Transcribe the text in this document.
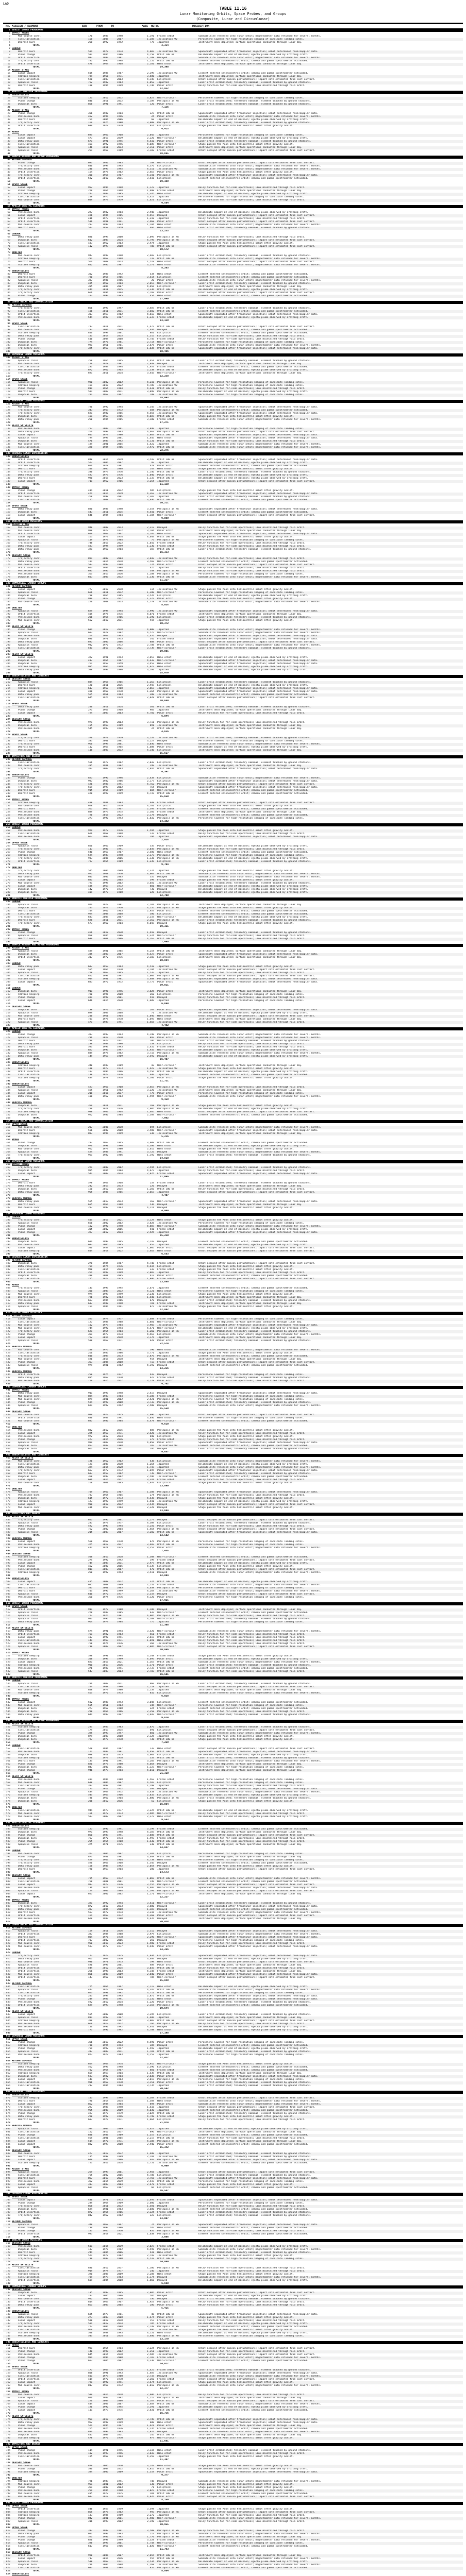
LAD
TABLE 11.16
Lunar Monitoring Orbits, Space Probes, and Groups
(Composite, Lunar and Circumlunar)
No. MISSION / ELEMENT	SER	FROM	TO	MASS	NOTES	DESCRIPTION
1 SOVIET LUNAR PROGRAMME
2 IMPACT PROBE
3	Mid-course corr.	170	1985	1990	1,191	Frozen orbit	Subsatellite released into lunar orbit; magnetometer data returned for several months.
4	Circularisation	168	2005	2007	1,385	Inclination 90	Periselene lowered for high-resolution imaging of candidate landing sites.
5	Deorbit burn	258	1992	1992	778	Impacted	Instrument deck deployed; surface operations conducted through lunar day.
6	TOTAL	3,354
7 LANDER
8	Deorbit burn	594	1970	1974	4,607	Inclination 90	Spacecraft separated after translunar injection; orbit determined from Doppler data.
9	Plane change	591	1985	1986	4,750	Orbit 100 km	Deliberate impact at end of mission; ejecta plume observed by orbiting craft.
10	Orbit insertion	932	1980	1981	1,708	Decayed	Subsatellite released into lunar orbit; magnetometer data returned for several months.
11	Trajectory corr.	782	1995	1998	1,152	Orbit 100 km	Element entered selenocentric orbit; camera and gamma spectrometer activated.
12	Orbit insertion	470	1964	1968	2,181	Halo orbit	Instrument deck deployed; surface operations conducted through lunar day.
13	TOTAL	14,398
14 ASCENT STAGE
15	Lunar impact	505	1985	1987	2,399	Inclination 90	Element entered selenocentric orbit; camera and gamma spectrometer activated.
16	Station keeping	789	1966	1971	3,586	Impacted	Instrument deck deployed; surface operations conducted through lunar day.
17	Circularisation	598	2003	2003	4,149	Elliptical	Orbit decayed after mascon perturbations; impact site estimated from last contact.
18	Apoapsis raise	762	1982	1983	1,052	Impacted	Lunar orbit established; telemetry nominal; element tracked by ground stations.
19	Deorbit burn	180	1994	1999	1,746	Polar orbit	Relay function for far-side operations; link maintained through halo orbit.
20	TOTAL	12,932
21 ROBOTIC ORBITER PROGRAMME
22 SUBSATELLITE
23	Station keeping	121	2012	2012	3,827	Near-circular	Periselene lowered for high-resolution imaging of candidate landing sites.
24	Plane change	846	2011	2012	3,189	Periapsis 14 km	Lunar orbit established; telemetry nominal; element tracked by ground stations.
25	Disposal burn	858	1991	1991	120	Polar orbit	Lunar orbit established; telemetry nominal; element tracked by ground stations.
26	TOTAL	7,136
27 ASCENT STAGE
28	Plane change	366	1980	1984	327	Orbit 100 km	Spacecraft separated after translunar injection; orbit determined from Doppler data.
29	Periselene burn	462	1996	1996	24	Polar orbit	Subsatellite released into lunar orbit; magnetometer data returned for several months.
30	Deorbit burn	764	2004	2006	60	Impacted	Deliberate impact at end of mission; ejecta plume observed by orbiting craft.
31	Trajectory corr.	169	1975	1980	3,088	Periapsis 14 km	Lunar orbit established; telemetry nominal; element tracked by ground stations.
32	Orbit insertion	639	1977	1979	914	Elliptical	Stage passed the Moon into heliocentric orbit after gravity assist.
33	TOTAL	4,413
34 ROVER
35	Lunar impact	695	1966	1968	2,043	Impacted	Periselene lowered for high-resolution imaging of candidate landing sites.
36	Lunar impact	473	2017	2019	2,220	Near-circular	Deliberate impact at end of mission; ejecta plume observed by orbiting craft.
37	Data relay pass	671	1991	1995	4,410	Polar orbit	Lunar orbit established; telemetry nominal; element tracked by ground stations.
38	Circularisation	451	1992	1996	4,689	Near-circular	Stage passed the Moon into heliocentric orbit after gravity assist.
39	Apoapsis raise	146	2011	2013	2,151	Polar orbit	Instrument deck deployed; surface operations conducted through lunar day.
40	Apoapsis raise	251	1968	1969	3,182	Frozen orbit	Orbit decayed after mascon perturbations; impact site estimated from last contact.
41	TOTAL	18,695
42 SAMPLE RETURN AND ROVER PROGRAMME
43 RETURN CAPSULE
44	Plane change	691	1982	1983	188	Near-circular	Orbit decayed after mascon perturbations; impact site estimated from last contact.
45	Trajectory corr.	846	1994	1995	4,376	Elliptical	Subsatellite released into lunar orbit; magnetometer data returned for several months.
46	Periselene burn	246	1993	1995	4,311	Inclination 90	Subsatellite released into lunar orbit; magnetometer data returned for several months.
47	Orbit insertion	154	1978	1982	2,467	Polar orbit	Stage passed the Moon into heliocentric orbit after gravity assist.
48	Trajectory corr.	300	1965	1967	4,341	Periapsis 14 km	Spacecraft separated after translunar injection; orbit determined from Doppler data.
49	Orbit insertion	582	2010	2011	3,516	Elliptical	Element entered selenocentric orbit; camera and gamma spectrometer activated.
50	TOTAL	19,199
51 SPENT STAGE
52	Lunar impact	952	1996	1998	1,123	Impacted	Relay function for far-side operations; link maintained through halo orbit.
53	Plane change	220	1964	1968	1,998	Frozen orbit	Instrument deck deployed; surface operations conducted through lunar day.
54	Station keeping	243	1980	1985	1,345	Halo orbit	Deliberate impact at end of mission; ejecta plume observed by orbiting craft.
55	Circularisation	218	1975	1979	3,417	Impacted	Periselene lowered for high-resolution imaging of candidate landing sites.
56	Mid-course corr.	609	1979	1979	1,621	Elliptical	Relay function for far-side operations; link maintained through halo orbit.
57	TOTAL	9,504
58 APOLLO ORBITAL ELEMENTS
59 IMPACT PROBE
60	Periselene burn	227	1982	1984	2,948	Impacted	Deliberate impact at end of mission; ejecta plume observed by orbiting craft.
61	Lunar impact	496	1985	1985	4,457	Decayed	Orbit decayed after mascon perturbations; impact site estimated from last contact.
62	Orbit insertion	416	1973	1975	1,210	Impacted	Relay function for far-side operations; link maintained through halo orbit.
63	Orbit insertion	516	1991	1991	2,968	Polar orbit	Orbit decayed after mascon perturbations; impact site estimated from last contact.
64	Mid-course corr.	293	1990	1993	1,184	Halo orbit	Subsatellite released into lunar orbit; magnetometer data returned for several months.
65	Deorbit burn	512	1959	1959	466	Halo orbit	Lunar orbit established; telemetry nominal; element tracked by ground stations.
66	TOTAL	13,233
67 LANDER
68	Data relay pass	886	1999	2000	2,095	Periapsis 14 km	Relay function for far-side operations; link maintained through halo orbit.
69	Disposal burn	612	2009	2014	4,795	Periapsis 14 km	Orbit decayed after mascon perturbations; impact site estimated from last contact.
70	Circularisation	433	1962	1963	2,974	Impacted	Stage passed the Moon into heliocentric orbit after gravity assist.
71	Apoapsis raise	112	1999	2000	708	Orbit 100 km	Orbit decayed after mascon perturbations; impact site estimated from last contact.
72	TOTAL	10,572
73 ORBITER
74	Mid-course corr.	947	1990	1990	2,403	Elliptical	Lunar orbit established; telemetry nominal; element tracked by ground stations.
75	Station keeping	201	1967	1968	710	Orbit 100 km	Subsatellite released into lunar orbit; magnetometer data returned for several months.
76	Deorbit burn	564	2008	2013	1,519	Halo orbit	Orbit decayed after mascon perturbations; impact site estimated from last contact.
77	Station keeping	802	1986	1987	3,571	Halo orbit	Subsatellite released into lunar orbit; magnetometer data returned for several months.
78	TOTAL	8,203
79 SUBSATELLITE
80	Deorbit burn	302	1988	1992	534	Halo orbit	Element entered selenocentric orbit; camera and gamma spectrometer activated.
81	Deorbit burn	780	1965	1965	3,514	Elliptical	Element entered selenocentric orbit; camera and gamma spectrometer activated.
82	Apoapsis raise	387	1986	1986	20	Polar orbit	Subsatellite released into lunar orbit; magnetometer data returned for several months.
83	Disposal burn	485	1960	1964	2,657	Near-circular	Lunar orbit established; telemetry nominal; element tracked by ground stations.
84	Data relay pass	305	2006	2007	4,656	Elliptical	Instrument deck deployed; surface operations conducted through lunar day.
85	Trajectory corr.	444	2011	2015	3,336	Orbit 100 km	Deliberate impact at end of mission; ejecta plume observed by orbiting craft.
86	Trajectory corr.	666	1994	1994	2,769	Polar orbit	Orbit decayed after mascon perturbations; impact site estimated from last contact.
87	Plane change	103	1990	1995	454	Halo orbit	Element entered selenocentric orbit; camera and gamma spectrometer activated.
88	TOTAL	17,940
89 LUNAR RELAY AND COMMUNICATION
90 RETURN CAPSULE
91	Trajectory corr.	856	1997	1997	3,487	Orbit 100 km	Lunar orbit established; telemetry nominal; element tracked by ground stations.
92	Circularisation	106	2011	2011	3,602	Orbit 100 km	Element entered selenocentric orbit; camera and gamma spectrometer activated.
93	Orbit insertion	303	1959	1962	4,813	Halo orbit	Spacecraft separated after translunar injection; orbit determined from Doppler data.
94	Periselene burn	544	1987	1987	1,237	Frozen orbit	Deliberate impact at end of mission; ejecta plume observed by orbiting craft.
95	TOTAL	13,139
96 SPENT STAGE
97	Circularisation	733	2011	2011	1,477	Orbit 100 km	Orbit decayed after mascon perturbations; impact site estimated from last contact.
98	Mid-course corr.	793	2004	2009	2,444	Decayed	Element entered selenocentric orbit; camera and gamma spectrometer activated.
99	Station keeping	816	1999	2001	861	Elliptical	Element entered selenocentric orbit; camera and gamma spectrometer activated.
100	Data relay pass	101	2014	2015	1,515	Elliptical	Relay function for far-side operations; link maintained through halo orbit.
101	Plane change	410	2004	2008	4,745	Frozen orbit	Relay function for far-side operations; link maintained through halo orbit.
102	Disposal burn	774	1976	1981	2,714	Near-circular	Periselene lowered for high-resolution imaging of candidate landing sites.
103	Disposal burn	991	1961	1961	2,875	Polar orbit	Subsatellite released into lunar orbit; magnetometer data returned for several months.
104	Trajectory corr.	325	1967	1968	1,835	Orbit 100 km	Spacecraft separated after translunar injection; orbit determined from Doppler data.
105	TOTAL	18,466
106 JAPANESE LUNAR MISSIONS
107 ASCENT STAGE
108	Apoapsis raise	258	1965	1965	1,651	Orbit 100 km	Lunar orbit established; telemetry nominal; element tracked by ground stations.
109	Mid-course corr.	170	1978	1981	2,849	Decayed	Instrument deck deployed; surface operations conducted through lunar day.
110	Circularisation	231	1989	1994	1,957	Frozen orbit	Element entered selenocentric orbit; camera and gamma spectrometer activated.
111	Periselene burn	672	1962	1965	2,338	Orbit 100 km	Deliberate impact at end of mission; ejecta plume observed by orbiting craft.
112	Trajectory corr.	691	2011	2014	3,443	Near-circular	Instrument deck deployed; surface operations conducted through lunar day.
113	TOTAL	12,238
114 SPENT STAGE
115	Apoapsis raise	980	2002	2002	4,216	Periapsis 14 km	Periselene lowered for high-resolution imaging of candidate landing sites.
116	Station keeping	151	2018	2022	4,709	Inclination 90	Periselene lowered for high-resolution imaging of candidate landing sites.
117	Plane change	819	1964	1964	4,431	Orbit 100 km	Relay function for far-side operations; link maintained through halo orbit.
118	Deorbit burn	581	2007	2011	3,899	Periapsis 14 km	Deliberate impact at end of mission; ejecta plume observed by orbiting craft.
119	Disposal burn	701	1967	1967	788	Inclination 90	Periselene lowered for high-resolution imaging of candidate landing sites.
120	TOTAL	18,043
121 EUROPEAN LUNAR MISSIONS
122 ASCENT STAGE
123	Mid-course corr.	786	1992	1994	4,345	Inclination 90	Spacecraft separated after translunar injection; orbit determined from Doppler data.
124	Trajectory corr.	343	1969	1972	584	Periapsis 14 km	Element entered selenocentric orbit; camera and gamma spectrometer activated.
125	Trajectory corr.	691	1980	1985	4,555	Inclination 90	Spacecraft separated after translunar injection; orbit determined from Doppler data.
126	Disposal burn	161	1963	1965	4,687	Orbit 100 km	Stage passed the Moon into heliocentric orbit after gravity assist.
127	Data relay pass	250	1984	1985	3,100	Frozen orbit	Subsatellite released into lunar orbit; magnetometer data returned for several months.
128	TOTAL	17,271
129 RELAY SATELLITE
130	Periselene burn	757	2000	2001	3,840	Impacted	Periselene lowered for high-resolution imaging of candidate landing sites.
131	Data relay pass	266	1999	2003	4,663	Periapsis 14 km	Orbit decayed after mascon perturbations; impact site estimated from last contact.
132	Lunar impact	611	1979	1980	2,803	Orbit 100 km	Spacecraft separated after translunar injection; orbit determined from Doppler data.
133	Apoapsis raise	794	1997	2001	1,445	Halo orbit	Spacecraft separated after translunar injection; orbit determined from Doppler data.
134	Disposal burn	476	1989	1992	4,131	Orbit 100 km	Relay function for far-side operations; link maintained through halo orbit.
135	Mid-course corr.	189	2001	2005	1,422	Impacted	Subsatellite released into lunar orbit; magnetometer data returned for several months.
136	Circularisation	328	1984	1986	3,972	Orbit 100 km	Subsatellite released into lunar orbit; magnetometer data returned for several months.
137	TOTAL	22,276
138 CHINESE LUNAR EXPLORATION
139 SUBSATELLITE
140	Orbit insertion	848	2014	2019	3,542	Orbit 100 km	Spacecraft separated after translunar injection; orbit determined from Doppler data.
141	Orbit insertion	522	2006	2007	93	Impacted	Deliberate impact at end of mission; ejecta plume observed by orbiting craft.
142	Station keeping	656	1978	1981	479	Polar orbit	Element entered selenocentric orbit; camera and gamma spectrometer activated.
143	Deorbit burn	316	2005	2008	243	Halo orbit	Stage passed the Moon into heliocentric orbit after gravity assist.
144	Trajectory corr.	330	1973	1976	1,146	Orbit 100 km	Lunar orbit established; telemetry nominal; element tracked by ground stations.
145	Data relay pass	497	1975	1976	1,040	Polar orbit	Deliberate impact at end of mission; ejecta plume observed by orbiting craft.
146	Deorbit burn	980	2018	2023	1,333	Orbit 100 km	Deliberate impact at end of mission; ejecta plume observed by orbiting craft.
147	Lunar impact	711	1962	1966	3,254	Impacted	Orbit decayed after mascon perturbations; impact site estimated from last contact.
148	TOTAL	11,130
149 IMPACT PROBE
150	Plane change	414	2011	2012	505	Elliptical	Stage passed the Moon into heliocentric orbit after gravity assist.
151	Orbit insertion	474	2016	2019	4,363	Inclination 90	Spacecraft separated after translunar injection; orbit determined from Doppler data.
152	Mid-course corr.	268	1998	2001	2,307	Impacted	Lunar orbit established; telemetry nominal; element tracked by ground stations.
153	Circularisation	125	2008	2011	3,036	Orbit 100 km	Element entered selenocentric orbit; camera and gamma spectrometer activated.
154	TOTAL	10,211
155 SPENT STAGE
156	Data relay pass	890	1988	1990	3,554	Periapsis 14 km	Spacecraft separated after translunar injection; orbit determined from Doppler data.
157	Disposal burn	443	2011	2015	4,441	Polar orbit	Element entered selenocentric orbit; camera and gamma spectrometer activated.
158	Lunar impact	646	1984	1984	1,104	Near-circular	Orbit decayed after mascon perturbations; impact site estimated from last contact.
159	TOTAL	9,099
160 INDIAN LUNAR MISSIONS
161 ASCENT STAGE
162	Mid-course corr.	940	2008	2013	2,313	Decayed	Relay function for far-side operations; link maintained through halo orbit.
163	Mid-course corr.	988	1972	1972	3,704	Polar orbit	Instrument deck deployed; surface operations conducted through lunar day.
164	Orbit insertion	619	1963	1967	3,182	Halo orbit	Spacecraft separated after translunar injection; orbit determined from Doppler data.
165	Lunar impact	163	1973	1974	4,644	Orbit 100 km	Stage passed the Moon into heliocentric orbit after gravity assist.
166	Apoapsis raise	119	1979	1984	75	Periapsis 14 km	Periselene lowered for high-resolution imaging of candidate landing sites.
167	Trajectory corr.	748	2017	2022	1,016	Frozen orbit	Relay function for far-side operations; link maintained through halo orbit.
168	Data relay pass	483	1994	1999	1,230	Frozen orbit	Relay function for far-side operations; link maintained through halo orbit.
169	Data relay pass	321	1960	1964	169	Orbit 100 km	Lunar orbit established; telemetry nominal; element tracked by ground stations.
170	TOTAL	16,333
171 DESCENT STAGE
172	Trajectory corr.	891	2000	2004	3,643	Inclination 90	Relay function for far-side operations; link maintained through halo orbit.
173	Data relay pass	181	2014	2018	3,569	Near-circular	Element entered selenocentric orbit; camera and gamma spectrometer activated.
174	Mid-course corr.	593	1993	1998	724	Polar orbit	Orbit decayed after mascon perturbations; impact site estimated from last contact.
175	Orbit insertion	623	1984	1988	425	Impacted	Relay function for far-side operations; link maintained through halo orbit.
176	Periselene burn	637	1986	1986	348	Periapsis 14 km	Relay function for far-side operations; link maintained through halo orbit.
177	Periselene burn	365	2015	2016	1,188	Periapsis 14 km	Periselene lowered for high-resolution imaging of candidate landing sites.
178	Disposal burn	603	2007	2012	1,330	Orbit 100 km	Subsatellite released into lunar orbit; magnetometer data returned for several months.
179	TOTAL	11,227
180 COMMERCIAL LANDER GROUPS
181 RETURN CAPSULE
182	Lunar impact	777	2010	2010	114	Inclination 90	Stage passed the Moon into heliocentric orbit after gravity assist.
183	Apoapsis raise	666	2011	2012	1,280	Near-circular	Periselene lowered for high-resolution imaging of candidate landing sites.
184	Disposal burn	798	1965	1965	3,526	Elliptical	Deliberate impact at end of mission; ejecta plume observed by orbiting craft.
185	Plane change	939	2013	2017	1,327	Polar orbit	Stage passed the Moon into heliocentric orbit after gravity assist.
186	Mid-course corr.	220	2008	2013	1,778	Inclination 90	Subsatellite released into lunar orbit; magnetometer data returned for several months.
187	TOTAL	8,025
188 ORBITER
189	Apoapsis raise	629	1994	1994	3,996	Inclination 90	Spacecraft separated after translunar injection; orbit determined from Doppler data.
190	Orbit insertion	405	1975	1975	4,071	Frozen orbit	Instrument deck deployed; surface operations conducted through lunar day.
191	Periselene burn	206	1965	1966	1,390	Elliptical	Lunar orbit established; telemetry nominal; element tracked by ground stations.
192	Mid-course corr.	562	2010	2011	915	Impacted	Stage passed the Moon into heliocentric orbit after gravity assist.
193	TOTAL	10,372
194 RELAY SATELLITE
195	Plane change	684	2017	2018	4,000	Impacted	Subsatellite released into lunar orbit; magnetometer data returned for several months.
196	Apoapsis raise	603	1978	1982	4,572	Near-circular	Subsatellite released into lunar orbit; magnetometer data returned for several months.
197	Periselene burn	264	1963	1963	2,476	Decayed	Spacecraft separated after translunar injection; orbit determined from Doppler data.
198	Disposal burn	696	1971	1973	542	Frozen orbit	Spacecraft separated after translunar injection; orbit determined from Doppler data.
199	Data relay pass	697	2006	2006	888	Polar orbit	Orbit decayed after mascon perturbations; impact site estimated from last contact.
200	Apoapsis raise	932	1970	1972	2,788	Orbit 100 km	Subsatellite released into lunar orbit; magnetometer data returned for several months.
201	Circularisation	531	2017	2021	3,739	Near-circular	Lunar orbit established; telemetry nominal; element tracked by ground stations.
202	TOTAL	19,005
203 RELAY SATELLITE
204	Lunar impact	322	1991	1993	3,857	Halo orbit	Deliberate impact at end of mission; ejecta plume observed by orbiting craft.
205	Disposal burn	417	1964	1967	4,433	Near-circular	Spacecraft separated after translunar injection; orbit determined from Doppler data.
206	Disposal burn	761	1959	1959	3,452	Halo orbit	Spacecraft separated after translunar injection; orbit determined from Doppler data.
207	Station keeping	985	1966	1969	1,077	Halo orbit	Deliberate impact at end of mission; ejecta plume observed by orbiting craft.
208	Data relay pass	588	1993	1996	3,160	Impacted	Deliberate impact at end of mission; ejecta plume observed by orbiting craft.
209	TOTAL	15,979
210 SUBSATELLITES AND CUBESATS
211 DESCENT STAGE
212	Apoapsis raise	834	1965	1965	1,263	Elliptical	Lunar orbit established; telemetry nominal; element tracked by ground stations.
213	Deorbit burn	120	2011	2015	2,947	Elliptical	Deliberate impact at end of mission; ejecta plume observed by orbiting craft.
214	Station keeping	617	1967	1968	2,867	Impacted	Spacecraft separated after translunar injection; orbit determined from Doppler data.
215	Lunar impact	488	1968	1970	1,364	Periapsis 14 km	Spacecraft separated after translunar injection; orbit determined from Doppler data.
216	Data relay pass	565	1961	1963	200	Inclination 90	Element entered selenocentric orbit; camera and gamma spectrometer activated.
217	Circularisation	645	1976	1979	2,028	Orbit 100 km	Orbit decayed after mascon perturbations; impact site estimated from last contact.
218	TOTAL	10,669
219 SPENT STAGE
220	Data relay pass	240	2011	2014	301	Orbit 100 km	Lunar orbit established; telemetry nominal; element tracked by ground stations.
221	Plane change	271	1967	1968	983	Impacted	Instrument deck deployed; surface operations conducted through lunar day.
222	Lunar impact	724	2003	2003	4,760	Polar orbit	Relay function for far-side operations; link maintained through halo orbit.
223	TOTAL	6,044
224 DESCENT STAGE
225	Periselene burn	971	1998	2003	3,711	Periapsis 14 km	Relay function for far-side operations; link maintained through halo orbit.
226	Disposal burn	155	1969	1969	891	Inclination 90	Instrument deck deployed; surface operations conducted through lunar day.
227	Periselene burn	545	1993	1994	24	Orbit 100 km	Instrument deck deployed; surface operations conducted through lunar day.
228	TOTAL	4,626
229 SPENT STAGE
230	Trajectory corr.	370	1977	1979	3,520	Inclination 90	Lunar orbit established; telemetry nominal; element tracked by ground stations.
231	Deorbit burn	335	2001	2001	3,227	Decayed	Periselene lowered for high-resolution imaging of candidate landing sites.
232	Trajectory corr.	960	1999	2001	3,036	Halo orbit	Subsatellite released into lunar orbit; magnetometer data returned for several months.
233	Deorbit burn	112	1965	1965	1,688	Polar orbit	Deliberate impact at end of mission; ejecta plume observed by orbiting craft.
234	Periselene burn	118	2007	2012	4,146	Elliptical	Instrument deck deployed; surface operations conducted through lunar day.
235	TOTAL	15,617
236 IMPACTORS AND DEBRIS
237 RETURN CAPSULE
238	Circularisation	556	1977	1982	2,032	Elliptical	Lunar orbit established; telemetry nominal; element tracked by ground stations.
239	Mid-course corr.	335	1981	1982	299	Inclination 90	Instrument deck deployed; surface operations conducted through lunar day.
240	Trajectory corr.	302	2002	2003	2,016	Orbit 100 km	Spacecraft separated after translunar injection; orbit determined from Doppler data.
241	TOTAL	4,347
242 SUBSATELLITE
243	Plane change	823	1996	1996	2,434	Elliptical	Subsatellite released into lunar orbit; magnetometer data returned for several months.
244	Disposal burn	987	1982	1986	2,177	Elliptical	Spacecraft separated after translunar injection; orbit determined from Doppler data.
245	Trajectory corr.	426	1988	1991	4,762	Periapsis 14 km	Orbit decayed after mascon perturbations; impact site estimated from last contact.
246	Trajectory corr.	569	1999	2002	754	Decayed	Spacecraft separated after translunar injection; orbit determined from Doppler data.
247	Deorbit burn	915	1965	1969	804	Near-circular	Element entered selenocentric orbit; camera and gamma spectrometer activated.
248	Deorbit burn	428	1997	1999	4,719	Orbit 100 km	Element entered selenocentric orbit; camera and gamma spectrometer activated.
249	TOTAL	15,650
250 IMPACT PROBE
251	Station keeping	408	1981	1983	648	Frozen orbit	Orbit decayed after mascon perturbations; impact site estimated from last contact.
252	Mid-course corr.	628	2015	2019	4,781	Elliptical	Stage passed the Moon into heliocentric orbit after gravity assist.
253	Deorbit burn	567	1965	1967	2,393	Frozen orbit	Element entered selenocentric orbit; camera and gamma spectrometer activated.
254	Periselene burn	889	1975	1975	2,360	Frozen orbit	Instrument deck deployed; surface operations conducted through lunar day.
255	Periselene burn	726	2018	2022	2,178	Decayed	Element entered selenocentric orbit; camera and gamma spectrometer activated.
256	Circularisation	273	1990	1993	1,832	Periapsis 14 km	Periselene lowered for high-resolution imaging of candidate landing sites.
257	TOTAL	14,192
258 SOVIET LUNAR PROGRAMME
259 LANDER
260	Periselene burn	929	1972	1976	1,594	Impacted	Stage passed the Moon into heliocentric orbit after gravity assist.
261	Circularisation	626	1968	1968	137	Frozen orbit	Relay function for far-side operations; link maintained through halo orbit.
262	Periselene burn	667	2002	2005	294	Impacted	Spacecraft separated after translunar injection; orbit determined from Doppler data.
263	TOTAL	2,025
264 UPPER STAGE
265	Apoapsis raise	856	1966	1969	535	Polar orbit	Deliberate impact at end of mission; ejecta plume observed by orbiting craft.
266	Trajectory corr.	117	1986	1991	2,035	Periapsis 14 km	Relay function for far-side operations; link maintained through halo orbit.
267	Plane change	540	1967	1967	2,586	Halo orbit	Element entered selenocentric orbit; camera and gamma spectrometer activated.
268	Station keeping	524	1989	1990	2,173	Periapsis 14 km	Periselene lowered for high-resolution imaging of candidate landing sites.
269	Trajectory corr.	933	2006	2006	1,136	Periapsis 14 km	Deliberate impact at end of mission; ejecta plume observed by orbiting craft.
270	Orbit insertion	797	1964	1969	1,239	Elliptical	Lunar orbit established; telemetry nominal; element tracked by ground stations.
271	TOTAL	9,704
272 ORBITER
273	Trajectory corr.	545	2006	2009	2,324	Impacted	Stage passed the Moon into heliocentric orbit after gravity assist.
274	Data relay pass	972	1968	1970	4,007	Orbit 100 km	Subsatellite released into lunar orbit; magnetometer data returned for several months.
275	Mid-course corr.	641	2000	2005	355	Decayed	Subsatellite released into lunar orbit; magnetometer data returned for several months.
276	Lunar impact	881	2002	2005	599	Frozen orbit	Stage passed the Moon into heliocentric orbit after gravity assist.
277	Mid-course corr.	791	1998	2002	3,656	Inclination 90	Lunar orbit established; telemetry nominal; element tracked by ground stations.
278	Lunar impact	435	1969	1972	801	Near-circular	Deliberate impact at end of mission; ejecta plume observed by orbiting craft.
279	Disposal burn	142	1970	1972	730	Decayed	Deliberate impact at end of mission; ejecta plume observed by orbiting craft.
280	Disposal burn	409	1977	1980	228	Elliptical	Deliberate impact at end of mission; ejecta plume observed by orbiting craft.
281	TOTAL	12,700
282 ROBOTIC ORBITER PROGRAMME
283 LANDER
284	Apoapsis raise	974	1979	1981	2,701	Periapsis 14 km	Instrument deck deployed; surface operations conducted through lunar day.
285	Disposal burn	243	1973	1976	4,555	Periapsis 14 km	Stage passed the Moon into heliocentric orbit after gravity assist.
286	Deorbit burn	704	1962	1963	2,957	Polar orbit	Element entered selenocentric orbit; camera and gamma spectrometer activated.
287	Circularisation	924	2008	2008	380	Elliptical	Element entered selenocentric orbit; camera and gamma spectrometer activated.
288	Trajectory corr.	633	2005	2007	2,319	Near-circular	Deliberate impact at end of mission; ejecta plume observed by orbiting craft.
289	Deorbit burn	628	2011	2011	2,362	Periapsis 14 km	Lunar orbit established; telemetry nominal; element tracked by ground stations.
290	Trajectory corr.	573	1960	1964	4,047	Decayed	Stage passed the Moon into heliocentric orbit after gravity assist.
291	TOTAL	19,321
292 IMPACT PROBE
293	Plane change	466	2018	2020	1,910	Decayed	Lunar orbit established; telemetry nominal; element tracked by ground stations.
294	Apoapsis raise	950	1985	1986	1,324	Near-circular	Relay function for far-side operations; link maintained through halo orbit.
295	Deorbit burn	639	2001	2006	4,262	Orbit 100 km	Relay function for far-side operations; link maintained through halo orbit.
296	TOTAL	7,496
297 SAMPLE RETURN AND ROVER PROGRAMME
298 ASCENT STAGE
299	Apoapsis raise	489	1981	1985	4,254	Orbit 100 km	Instrument deck deployed; surface operations conducted through lunar day.
300	Disposal burn	335	2007	2007	4,527	Polar orbit	Spacecraft separated after translunar injection; orbit determined from Doppler data.
301	Orbit insertion	317	1972	1975	2,103	Elliptical	Instrument deck deployed; surface operations conducted through lunar day.
302	TOTAL	10,884
303 LANDER
304	Data relay pass	687	1959	1963	4,510	Impacted	Stage passed the Moon into heliocentric orbit after gravity assist.
305	Lunar impact	555	1966	1970	3,784	Inclination 90	Orbit decayed after mascon perturbations; impact site estimated from last contact.
306	Apoapsis raise	278	1962	1965	1,532	Impacted	Relay function for far-side operations; link maintained through halo orbit.
307	Circularisation	852	1997	1997	2,004	Periapsis 14 km	Orbit decayed after mascon perturbations; impact site estimated from last contact.
308	Station keeping	944	1981	1981	3,408	Periapsis 14 km	Spacecraft separated after translunar injection; orbit determined from Doppler data.
309	Lunar impact	683	1972	1972	3,773	Polar orbit	Spacecraft separated after translunar injection; orbit determined from Doppler data.
310	TOTAL	19,011
311 LANDER
312	Disposal burn	911	1996	1996	3,825	Polar orbit	Instrument deck deployed; surface operations conducted through lunar day.
313	Station keeping	780	1996	2000	260	Elliptical	Periselene lowered for high-resolution imaging of candidate landing sites.
314	Plane change	481	1998	2001	916	Decayed	Relay function for far-side operations; link maintained through halo orbit.
315	Lunar impact	646	2015	2020	1,689	Impacted	Periselene lowered for high-resolution imaging of candidate landing sites.
316	TOTAL	6,690
317 DESCENT STAGE
318	Disposal burn	138	1970	1971	207	Polar orbit	Spacecraft separated after translunar injection; orbit determined from Doppler data.
319	Apoapsis raise	699	2007	2008	71	Inclination 90	Deliberate impact at end of mission; ejecta plume observed by orbiting craft.
320	Mid-course corr.	210	1961	1964	1,046	Halo orbit	Orbit decayed after mascon perturbations; impact site estimated from last contact.
321	Deorbit burn	701	1978	1978	1,693	Halo orbit	Instrument deck deployed; surface operations conducted through lunar day.
322	Apoapsis raise	471	1989	1991	1,465	Inclination 90	Relay function for far-side operations; link maintained through halo orbit.
323	TOTAL	4,482
324 APOLLO ORBITAL ELEMENTS
325 LANDER
326	Plane change	383	1993	1993	4,190	Periapsis 14 km	Subsatellite released into lunar orbit; magnetometer data returned for several months.
327	Apoapsis raise	236	2010	2010	897	Polar orbit	Subsatellite released into lunar orbit; magnetometer data returned for several months.
328	Deorbit burn	299	1970	1971	106	Near-circular	Lunar orbit established; telemetry nominal; element tracked by ground stations.
329	Data relay pass	238	1989	1990	558	Elliptical	Relay function for far-side operations; link maintained through halo orbit.
330	Deorbit burn	581	1993	1993	2,416	Frozen orbit	Relay function for far-side operations; link maintained through halo orbit.
331	Disposal burn	827	1993	1997	1,933	Near-circular	Deliberate impact at end of mission; ejecta plume observed by orbiting craft.
332	Apoapsis raise	839	1978	1982	3,715	Periapsis 14 km	Subsatellite released into lunar orbit; magnetometer data returned for several months.
333	Data relay pass	149	1967	1969	2,592	Decayed	Deliberate impact at end of mission; ejecta plume observed by orbiting craft.
334	TOTAL	16,407
335 SUBSATELLITE
336	Station keeping	340	1989	1989	43	Near-circular	Instrument deck deployed; surface operations conducted through lunar day.
337	Deorbit burn	180	1973	1973	1,922	Inclination 90	Stage passed the Moon into heliocentric orbit after gravity assist.
338	Orbit insertion	102	1996	1996	4,556	Orbit 100 km	Deliberate impact at end of mission; ejecta plume observed by orbiting craft.
339	Circularisation	138	1972	1976	640	Impacted	Element entered selenocentric orbit; camera and gamma spectrometer activated.
340	Station keeping	484	1978	1978	4,560	Polar orbit	Stage passed the Moon into heliocentric orbit after gravity assist.
341	TOTAL	11,721
342 SUBSATELLITE
343	Lunar impact	423	1966	1968	3,467	Periapsis 14 km	Relay function for far-side operations; link maintained through halo orbit.
344	Apoapsis raise	455	1961	1962	3,220	Inclination 90	Instrument deck deployed; surface operations conducted through lunar day.
345	Lunar impact	218	2016	2017	778	Polar orbit	Periselene lowered for high-resolution imaging of candidate landing sites.
346	Data relay pass	108	1962	1963	1,994	Near-circular	Subsatellite released into lunar orbit; magnetometer data returned for several months.
347	TOTAL	9,459
348 SERVICE MODULE
349	Disposal burn	359	2011	2011	168	Periapsis 14 km	Stage passed the Moon into heliocentric orbit after gravity assist.
350	Trajectory corr.	700	1971	1976	2,905	Periapsis 14 km	Deliberate impact at end of mission; ejecta plume observed by orbiting craft.
351	Station keeping	988	1960	1964	1,405	Halo orbit	Orbit decayed after mascon perturbations; impact site estimated from last contact.
352	Disposal burn	922	1980	1984	2,584	Near-circular	Element entered selenocentric orbit; camera and gamma spectrometer activated.
353	TOTAL	7,062
354 LUNAR RELAY AND COMMUNICATION
355 UPPER STAGE
356	Mid-course corr.	207	2006	2010	894	Elliptical	Subsatellite released into lunar orbit; magnetometer data returned for several months.
357	Deorbit burn	556	2000	2000	3,986	Near-circular	Spacecraft separated after translunar injection; orbit determined from Doppler data.
358	Station keeping	883	1996	1999	336	Inclination 90	Instrument deck deployed; surface operations conducted through lunar day.
359	TOTAL	5,216
360 ROVER
361	Plane change	797	1962	1965	3,909	Orbit 100 km	Element entered selenocentric orbit; camera and gamma spectrometer activated.
362	Disposal burn	976	1991	1996	3,380	Halo orbit	Deliberate impact at end of mission; ejecta plume observed by orbiting craft.
363	Mid-course corr.	952	1979	1980	2,612	Halo orbit	Stage passed the Moon into heliocentric orbit after gravity assist.
364	Apoapsis raise	424	1988	1991	3,725	Decayed	Subsatellite released into lunar orbit; magnetometer data returned for several months.
365	Trajectory corr.	951	1982	1986	1,192	Halo orbit	Lunar orbit established; telemetry nominal; element tracked by ground stations.
366	TOTAL	14,818
367 JAPANESE LUNAR MISSIONS
368 IMPACT PROBE
369	Trajectory corr.	221	2000	2002	3,594	Elliptical	Lunar orbit established; telemetry nominal; element tracked by ground stations.
370	Disposal burn	985	1984	1984	4,677	Impacted	Relay function for far-side operations; link maintained through halo orbit.
371	Lunar impact	541	2009	2014	2,825	Frozen orbit	Spacecraft separated after translunar injection; orbit determined from Doppler data.
372	TOTAL	11,096
373 IMPACT PROBE
374	Deorbit burn	578	1967	1968	254	Frozen orbit	Lunar orbit established; telemetry nominal; element tracked by ground stations.
375	Data relay pass	242	2013	2013	220	Decayed	Instrument deck deployed; surface operations conducted through lunar day.
376	Disposal burn	150	2012	2015	1,266	Orbit 100 km	Relay function for far-side operations; link maintained through halo orbit.
377	Data relay pass	965	1985	1985	2,667	Impacted	Orbit decayed after mascon perturbations; impact site estimated from last contact.
378	TOTAL	4,407
379 SERVICE MODULE
380	Data relay pass	565	2013	2013	162	Near-circular	Spacecraft separated after translunar injection; orbit determined from Doppler data.
381	Deorbit burn	655	1966	1968	536	Decayed	Instrument deck deployed; surface operations conducted through lunar day.
382	Mid-course corr.	207	1992	1993	4,211	Decayed	Stage passed the Moon into heliocentric orbit after gravity assist.
383	TOTAL	4,909
384 EUROPEAN LUNAR MISSIONS
385 LANDER
386	Trajectory corr.	405	2017	2021	3,129	Halo orbit	Stage passed the Moon into heliocentric orbit after gravity assist.
387	Apoapsis raise	656	2002	2002	3,828	Inclination 90	Periselene lowered for high-resolution imaging of candidate landing sites.
388	Plane change	102	1990	1990	4,807	Near-circular	Subsatellite released into lunar orbit; magnetometer data returned for several months.
389	Lunar impact	305	2002	2005	541	Frozen orbit	Deliberate impact at end of mission; ejecta plume observed by orbiting craft.
390	Plane change	397	2012	2014	2,925	Impacted	Spacecraft separated after translunar injection; orbit determined from Doppler data.
391	TOTAL	15,230
392 SUBSATELLITE
393	Disposal burn	694	1990	1995	2,143	Decayed	Element entered selenocentric orbit; camera and gamma spectrometer activated.
394	Mid-course corr.	683	2005	2005	952	Impacted	Deliberate impact at end of mission; ejecta plume observed by orbiting craft.
395	Lunar impact	546	1959	1959	1,005	Polar orbit	Orbit decayed after mascon perturbations; impact site estimated from last contact.
396	Station keeping	814	2018	2022	2,463	Halo orbit	Orbit decayed after mascon perturbations; impact site estimated from last contact.
397	TOTAL	6,563
398 CHINESE LUNAR EXPLORATION
399 RETURN CAPSULE
400	Disposal burn	278	1984	1987	4,748	Frozen orbit	Orbit decayed after mascon perturbations; impact site estimated from last contact.
401	Data relay pass	769	1975	1976	4,415	Elliptical	Stage passed the Moon into heliocentric orbit after gravity assist.
402	Circularisation	998	2014	2014	333	Frozen orbit	Stage passed the Moon into heliocentric orbit after gravity assist.
403	Orbit insertion	264	1997	1999	2,087	Impacted	Relay function for far-side operations; link maintained through halo orbit.
404	Disposal burn	330	2001	2005	417	Polar orbit	Element entered selenocentric orbit; camera and gamma spectrometer activated.
405	Circularisation	225	1972	1975	1,886	Frozen orbit	Orbit decayed after mascon perturbations; impact site estimated from last contact.
406	TOTAL	13,886
407 ROVER
408	Trajectory corr.	141	1995	1995	2,671	Impacted	Element entered selenocentric orbit; camera and gamma spectrometer activated.
409	Apoapsis raise	300	2009	2012	4,121	Halo orbit	Periselene lowered for high-resolution imaging of candidate landing sites.
410	Mid-course corr.	974	1999	1999	2,236	Elliptical	Stage passed the Moon into heliocentric orbit after gravity assist.
411	Deorbit burn	796	1982	1983	1,446	Elliptical	Instrument deck deployed; surface operations conducted through lunar day.
412	Periselene burn	663	1985	1986	670	Decayed	Lunar orbit established; telemetry nominal; element tracked by ground stations.
413	Data relay pass	637	1988	1990	781	Frozen orbit	Instrument deck deployed; surface operations conducted through lunar day.
414	Apoapsis raise	151	1986	1991	877	Inclination 90	Stage passed the Moon into heliocentric orbit after gravity assist.
415	TOTAL	12,802
416 INDIAN LUNAR MISSIONS
417 RETURN CAPSULE
418	Lunar impact	525	1974	1977	2,688	Frozen orbit	Periselene lowered for high-resolution imaging of candidate landing sites.
419	Circularisation	127	1988	1988	1,881	Near-circular	Instrument deck deployed; surface operations conducted through lunar day.
420	Mid-course corr.	102	1979	1984	3,903	Inclination 90	Spacecraft separated after translunar injection; orbit determined from Doppler data.
421	Mid-course corr.	744	1990	1994	4,471	Near-circular	Deliberate impact at end of mission; ejecta plume observed by orbiting craft.
422	Trajectory corr.	621	1964	1964	1,260	Periapsis 14 km	Lunar orbit established; telemetry nominal; element tracked by ground stations.
423	Plane change	361	1973	1974	4,567	Elliptical	Subsatellite released into lunar orbit; magnetometer data returned for several months.
424	Lunar impact	762	2016	2018	3,176	Impacted	Instrument deck deployed; surface operations conducted through lunar day.
425	Apoapsis raise	588	1967	1971	628	Polar orbit	Lunar orbit established; telemetry nominal; element tracked by ground stations.
426	TOTAL	22,574
427 SERVICE MODULE
428	Mid-course corr.	200	1976	1981	590	Halo orbit	Subsatellite released into lunar orbit; magnetometer data returned for several months.
429	Circularisation	266	1985	1986	3,771	Impacted	Stage passed the Moon into heliocentric orbit after gravity assist.
430	Trajectory corr.	810	2009	2013	2,876	Periapsis 14 km	Element entered selenocentric orbit; camera and gamma spectrometer activated.
431	Mid-course corr.	496	2015	2018	914	Decayed	Instrument deck deployed; surface operations conducted through lunar day.
432	Plane change	353	2005	2008	713	Frozen orbit	Orbit decayed after mascon perturbations; impact site estimated from last contact.
433	Apoapsis raise	979	1981	1982	4,392	Decayed	Element entered selenocentric orbit; camera and gamma spectrometer activated.
434	TOTAL	13,256
435 SERVICE MODULE
436	Orbit insertion	250	1975	1977	932	Decayed	Periselene lowered for high-resolution imaging of candidate landing sites.
437	Data relay pass	895	1969	1970	622	Frozen orbit	Lunar orbit established; telemetry nominal; element tracked by ground stations.
438	Periselene burn	729	2015	2017	3,228	Polar orbit	Relay function for far-side operations; link maintained through halo orbit.
439	TOTAL	4,782
440 COMMERCIAL LANDER GROUPS
441 IMPACT PROBE
442	Data relay pass	911	1997	1998	2,417	Decayed	Spacecraft separated after translunar injection; orbit determined from Doppler data.
443	Mid-course corr.	884	1983	1984	4,388	Frozen orbit	Periselene lowered for high-resolution imaging of candidate landing sites.
444	Mid-course corr.	879	2001	2002	2,521	Periapsis 14 km	Periselene lowered for high-resolution imaging of candidate landing sites.
445	Plane change	594	1997	2000	3,733	Periapsis 14 km	Lunar orbit established; telemetry nominal; element tracked by ground stations.
446	Apoapsis raise	691	1992	1992	2,500	Decayed	Subsatellite released into lunar orbit; magnetometer data returned for several months.
447	TOTAL	15,559
448 DESCENT STAGE
449	Mid-course corr.	909	1972	1975	2,096	Impacted	Orbit decayed after mascon perturbations; impact site estimated from last contact.
450	Orbit insertion	880	1987	1991	3,036	Halo orbit	Periselene lowered for high-resolution imaging of candidate landing sites.
451	Mid-course corr.	687	1980	1984	4,478	Near-circular	Element entered selenocentric orbit; camera and gamma spectrometer activated.
452	TOTAL	9,610
453 ORBITER
454	Periselene burn	832	2012	2015	885	Periapsis 14 km	Stage passed the Moon into heliocentric orbit after gravity assist.
455	Lunar impact	225	1967	1971	2,426	Inclination 90	Relay function for far-side operations; link maintained through halo orbit.
456	Periselene burn	972	2012	2014	840	Elliptical	Stage passed the Moon into heliocentric orbit after gravity assist.
457	Plane change	473	2015	2016	379	Frozen orbit	Relay function for far-side operations; link maintained through halo orbit.
458	Apoapsis raise	989	2007	2010	4,050	Polar orbit	Spacecraft separated after translunar injection; orbit determined from Doppler data.
459	Disposal burn	853	1987	1988	282	Inclination 90	Element entered selenocentric orbit; camera and gamma spectrometer activated.
460	Disposal burn	661	1959	1961	795	Decayed	Lunar orbit established; telemetry nominal; element tracked by ground stations.
461	TOTAL	9,657
462 SUBSATELLITES AND CUBESATS
463 RELAY SATELLITE
464	Mid-course corr.	196	1962	1962	438	Elliptical	Subsatellite released into lunar orbit; magnetometer data returned for several months.
465	Circularisation	121	2008	2010	1,264	Impacted	Deliberate impact at end of mission; ejecta plume observed by orbiting craft.
466	Data relay pass	324	2015	2020	1,747	Impacted	Subsatellite released into lunar orbit; magnetometer data returned for several months.
467	Trajectory corr.	667	1972	1972	1,695	Polar orbit	Spacecraft separated after translunar injection; orbit determined from Doppler data.
468	Deorbit burn	683	1959	1962	739	Near-circular	Lunar orbit established; telemetry nominal; element tracked by ground stations.
469	Disposal burn	368	1999	2002	2,596	Inclination 90	Element entered selenocentric orbit; camera and gamma spectrometer activated.
470	Lunar impact	686	2016	2017	3,341	Frozen orbit	Relay function for far-side operations; link maintained through halo orbit.
471	Mid-course corr.	168	2001	2005	2,070	Elliptical	Stage passed the Moon into heliocentric orbit after gravity assist.
472	TOTAL	13,890
473 ORBITER
474	Apoapsis raise	709	1966	1967	1,388	Periapsis 14 km	Spacecraft separated after translunar injection; orbit determined from Doppler data.
475	Periselene burn	787	1964	1965	274	Periapsis 14 km	Relay function for far-side operations; link maintained through halo orbit.
476	Disposal burn	615	1972	1973	4,538	Decayed	Stage passed the Moon into heliocentric orbit after gravity assist.
477	Station keeping	123	1997	1999	1,541	Inclination 90	Deliberate impact at end of mission; ejecta plume observed by orbiting craft.
478	Lunar impact	908	2010	2012	3,535	Decayed	Orbit decayed after mascon perturbations; impact site estimated from last contact.
479	Mid-course corr.	436	1959	1964	2,328	Decayed	Stage passed the Moon into heliocentric orbit after gravity assist.
480	TOTAL	13,604
481 IMPACTORS AND DEBRIS
482 RELAY SATELLITE
483	Trajectory corr.	657	1996	2001	1,277	Decayed	Orbit decayed after mascon perturbations; impact site estimated from last contact.
484	Apoapsis raise	237	1977	1977	4,309	Elliptical	Lunar orbit established; telemetry nominal; element tracked by ground stations.
485	Data relay pass	492	1990	1994	3,250	Polar orbit	Relay function for far-side operations; link maintained through halo orbit.
486	Plane change	752	2002	2004	1,464	Periapsis 14 km	Orbit decayed after mascon perturbations; impact site estimated from last contact.
487	Apoapsis raise	215	2003	2007	3,202	Orbit 100 km	Spacecraft separated after translunar injection; orbit determined from Doppler data.
488	TOTAL	13,502
489 SERVICE MODULE
490	Lunar impact	560	1968	1970	676	Periapsis 14 km	Periselene lowered for high-resolution imaging of candidate landing sites.
491	Periselene burn	375	2017	2017	3,402	Orbit 100 km	Periselene lowered for high-resolution imaging of candidate landing sites.
492	Station keeping	411	1971	1975	3,357	Polar orbit	Subsatellite released into lunar orbit; magnetometer data returned for several months.
493	TOTAL	7,435
494 DESCENT STAGE
495	Station keeping	508	2016	2018	1,508	Near-circular	Element entered selenocentric orbit; camera and gamma spectrometer activated.
496	Periselene burn	275	1992	1992	199	Frozen orbit	Orbit decayed after mascon perturbations; impact site estimated from last contact.
497	Lunar impact	749	2009	2011	2,977	Orbit 100 km	Deliberate impact at end of mission; ejecta plume observed by orbiting craft.
498	Plane change	462	2000	2005	4,139	Elliptical	Stage passed the Moon into heliocentric orbit after gravity assist.
499	Circularisation	811	2003	2007	470	Orbit 100 km	Orbit decayed after mascon perturbations; impact site estimated from last contact.
500	Station keeping	260	1992	1993	3,511	Decayed	Subsatellite released into lunar orbit; magnetometer data returned for several months.
501	TOTAL	12,804
502 SUBSATELLITE
503	Lunar impact	415	2008	2012	374	Orbit 100 km	Deliberate impact at end of mission; ejecta plume observed by orbiting craft.
504	Circularisation	605	2008	2009	2,210	Frozen orbit	Subsatellite released into lunar orbit; magnetometer data returned for several months.
505	Deorbit burn	347	2001	2005	4,638	Periapsis 14 km	Periselene lowered for high-resolution imaging of candidate landing sites.
506	Deorbit burn	705	1996	1999	4,264	Inclination 90	Subsatellite released into lunar orbit; magnetometer data returned for several months.
507	Apoapsis raise	610	1972	1977	2,319	Decayed	Orbit decayed after mascon perturbations; impact site estimated from last contact.
508	Periselene burn	360	1974	1976	4,120	Polar orbit	Periselene lowered for high-resolution imaging of candidate landing sites.
509	TOTAL	17,925
510 SOVIET LUNAR PROGRAMME
511 SPENT STAGE
512	Orbit insertion	911	1977	1980	1,186	Decayed	Instrument deck deployed; surface operations conducted through lunar day.
513	Apoapsis raise	278	1980	1985	633	Near-circular	Element entered selenocentric orbit; camera and gamma spectrometer activated.
514	Apoapsis raise	722	1976	1981	4,005	Periapsis 14 km	Relay function for far-side operations; link maintained through halo orbit.
515	Apoapsis raise	907	1996	2001	4,709	Near-circular	Lunar orbit established; telemetry nominal; element tracked by ground stations.
516	Data relay pass	964	1979	1984	775	Impacted	Periselene lowered for high-resolution imaging of candidate landing sites.
517	TOTAL	11,308
518 RELAY SATELLITE
519	Data relay pass	574	1991	1994	3,526	Near-circular	Subsatellite released into lunar orbit; magnetometer data returned for several months.
520	Orbit insertion	761	1982	1983	461	Frozen orbit	Relay function for far-side operations; link maintained through halo orbit.
521	Lunar impact	107	1990	1991	2,817	Orbit 100 km	Relay function for far-side operations; link maintained through halo orbit.
522	Circularisation	141	1969	1971	1,691	Halo orbit	Relay function for far-side operations; link maintained through halo orbit.
523	Periselene burn	760	1976	1976	266	Inclination 90	Relay function for far-side operations; link maintained through halo orbit.
524	Apoapsis raise	730	2007	2007	2,085	Near-circular	Orbit decayed after mascon perturbations; impact site estimated from last contact.
525	TOTAL	10,846
526 IMPACT PROBE
527	Station keeping	398	1991	1994	3,548	Frozen orbit	Stage passed the Moon into heliocentric orbit after gravity assist.
528	Disposal burn	308	1999	1999	4,695	Polar orbit	Deliberate impact at end of mission; ejecta plume observed by orbiting craft.
529	Lunar impact	621	2017	2021	1,367	Orbit 100 km	Subsatellite released into lunar orbit; magnetometer data returned for several months.
530	Station keeping	900	2013	2016	1,371	Polar orbit	Lunar orbit established; telemetry nominal; element tracked by ground stations.
531	Periselene burn	376	1987	1991	2,737	Frozen orbit	Element entered selenocentric orbit; camera and gamma spectrometer activated.
532	Apoapsis raise	547	2003	2003	2,783	Orbit 100 km	Relay function for far-side operations; link maintained through halo orbit.
533	TOTAL	16,501
534 ROBOTIC ORBITER PROGRAMME
535 LANDER
536	Apoapsis raise	706	2007	2011	960	Periapsis 14 km	Lunar orbit established; telemetry nominal; element tracked by ground stations.
537	Circularisation	244	1988	1990	2,118	Impacted	Orbit decayed after mascon perturbations; impact site estimated from last contact.
538	Mid-course corr.	808	1979	1980	2,134	Impacted	Instrument deck deployed; surface operations conducted through lunar day.
539	Station keeping	465	1970	1973	816	Elliptical	Subsatellite released into lunar orbit; magnetometer data returned for several months.
540	TOTAL	6,028
541 IMPACT PROBE
542	Lunar impact	502	1988	1993	3,045	Elliptical	Element entered selenocentric orbit; camera and gamma spectrometer activated.
543	Mid-course corr.	565	1961	1963	345	Near-circular	Periselene lowered for high-resolution imaging of candidate landing sites.
544	Disposal burn	273	1967	1968	324	Frozen orbit	Element entered selenocentric orbit; camera and gamma spectrometer activated.
545	Disposal burn	290	1966	1966	2,258	Periapsis 14 km	Relay function for far-side operations; link maintained through halo orbit.
546	Data relay pass	644	1993	1997	3,642	Near-circular	Lunar orbit established; telemetry nominal; element tracked by ground stations.
547	TOTAL	9,614
548 SAMPLE RETURN AND ROVER PROGRAMME
549 RELAY SATELLITE
550	Station keeping	235	1983	1983	2,876	Impacted	Lunar orbit established; telemetry nominal; element tracked by ground stations.
551	Circularisation	179	2013	2015	691	Elliptical	Orbit decayed after mascon perturbations; impact site estimated from last contact.
552	Plane change	395	1993	1997	801	Inclination 90	Subsatellite released into lunar orbit; magnetometer data returned for several months.
553	Disposal burn	879	2007	2008	2,125	Impacted	Stage passed the Moon into heliocentric orbit after gravity assist.
554	Disposal burn	797	1977	1978	736	Orbit 100 km	Stage passed the Moon into heliocentric orbit after gravity assist.
555	TOTAL	7,229
556 LANDER
557	Circularisation	528	1984	1987	132	Halo orbit	Orbit decayed after mascon perturbations; impact site estimated from last contact.
558	Periselene burn	121	1980	1981	4,650	Orbit 100 km	Spacecraft separated after translunar injection; orbit determined from Doppler data.
559	Disposal burn	998	2011	2015	3,003	Elliptical	Deliberate impact at end of mission; ejecta plume observed by orbiting craft.
560	Station keeping	426	1973	1978	333	Orbit 100 km	Lunar orbit established; telemetry nominal; element tracked by ground stations.
561	Deorbit burn	135	1991	1991	3,203	Periapsis 14 km	Subsatellite released into lunar orbit; magnetometer data returned for several months.
562	Plane change	820	1977	1980	4,664	Decayed	Instrument deck deployed; surface operations conducted through lunar day.
563	Disposal burn	847	2000	2001	1,323	Near-circular	Periselene lowered for high-resolution imaging of candidate landing sites.
564	Plane change	946	1979	1984	4,011	Decayed	Instrument deck deployed; surface operations conducted through lunar day.
565	TOTAL	21,319
566 RELAY SATELLITE
567	Periselene burn	481	1986	1988	1,563	Frozen orbit	Periselene lowered for high-resolution imaging of candidate landing sites.
568	Mid-course corr.	610	2006	2007	4,587	Elliptical	Periselene lowered for high-resolution imaging of candidate landing sites.
569	Circularisation	397	1997	2001	1,298	Impacted	Relay function for far-side operations; link maintained through halo orbit.
570	Plane change	173	2012	2012	393	Decayed	Spacecraft separated after translunar injection; orbit determined from Doppler data.
571	Apoapsis raise	434	1969	1972	3,458	Inclination 90	Subsatellite released into lunar orbit; magnetometer data returned for several months.
572	Station keeping	545	1963	1966	2,833	Elliptical	Deliberate impact at end of mission; ejecta plume observed by orbiting craft.
573	Disposal burn	736	1960	1964	1,880	Periapsis 14 km	Lunar orbit established; telemetry nominal; element tracked by ground stations.
574	Disposal burn	206	2012	2016	52	Elliptical	Stage passed the Moon into heliocentric orbit after gravity assist.
575	TOTAL	16,064
576 ORBITER
577	Circularisation	944	1973	1977	3,225	Orbit 100 km	Deliberate impact at end of mission; ejecta plume observed by orbiting craft.
578	Mid-course corr.	166	1972	1973	3,985	Near-circular	Relay function for far-side operations; link maintained through halo orbit.
579	Mid-course corr.	583	2002	2007	2,373	Halo orbit	Deliberate impact at end of mission; ejecta plume observed by orbiting craft.
580	TOTAL	9,583
581 APOLLO ORBITAL ELEMENTS
582 SUBSATELLITE
583	Station keeping	123	1990	1991	3,199	Frozen orbit	Element entered selenocentric orbit; camera and gamma spectrometer activated.
584	Disposal burn	971	1993	1998	4,107	Orbit 100 km	Instrument deck deployed; surface operations conducted through lunar day.
585	Plane change	850	1989	1991	3,888	Orbit 100 km	Orbit decayed after mascon perturbations; impact site estimated from last contact.
586	Disposal burn	757	1970	1974	1,993	Frozen orbit	Relay function for far-side operations; link maintained through halo orbit.
587	Plane change	255	1964	1968	1,430	Orbit 100 km	Relay function for far-side operations; link maintained through halo orbit.
588	Apoapsis raise	375	1971	1975	230	Orbit 100 km	Instrument deck deployed; surface operations conducted through lunar day.
589	TOTAL	14,847
590 LANDER
591	Mid-course corr.	322	2006	2007	2,381	Elliptical	Periselene lowered for high-resolution imaging of candidate landing sites.
592	Plane change	871	1981	1981	3,649	Orbit 100 km	Instrument deck deployed; surface operations conducted through lunar day.
593	Trajectory corr.	429	1963	1964	4,738	Halo orbit	Periselene lowered for high-resolution imaging of candidate landing sites.
594	Trajectory corr.	526	1967	1968	1,545	Decayed	Element entered selenocentric orbit; camera and gamma spectrometer activated.
595	Data relay pass	158	1988	1992	2,054	Periapsis 14 km	Stage passed the Moon into heliocentric orbit after gravity assist.
596	Deorbit burn	790	1963	1964	206	Impacted	Orbit decayed after mascon perturbations; impact site estimated from last contact.
597	TOTAL	14,573
598 DESCENT STAGE
599	Lunar impact	795	1969	1972	1,069	Orbit 100 km	Subsatellite released into lunar orbit; magnetometer data returned for several months.
600	Circularisation	768	2001	2001	149	Near-circular	Element entered selenocentric orbit; camera and gamma spectrometer activated.
601	Lunar impact	993	1973	1976	3,555	Periapsis 14 km	Orbit decayed after mascon perturbations; impact site estimated from last contact.
602	Periselene burn	136	1974	1979	4,692	Near-circular	Spacecraft separated after translunar injection; orbit determined from Doppler data.
603	Apoapsis raise	124	2002	2004	1,591	Periapsis 14 km	Orbit decayed after mascon perturbations; impact site estimated from last contact.
604	Lunar impact	657	2002	2002	1,171	Near-circular	Instrument deck deployed; surface operations conducted through lunar day.
605	TOTAL	12,227
606 IMPACT PROBE
607	Disposal burn	321	1992	1994	3,411	Near-circular	Lunar orbit established; telemetry nominal; element tracked by ground stations.
608	Trajectory corr.	872	2010	2013	3,800	Decayed	Spacecraft separated after translunar injection; orbit determined from Doppler data.
609	Data relay pass	387	2005	2008	1,107	Decayed	Element entered selenocentric orbit; camera and gamma spectrometer activated.
610	Deorbit burn	563	1972	1974	3,316	Inclination 90	Subsatellite released into lunar orbit; magnetometer data returned for several months.
611	Orbit insertion	164	1969	1972	4,368	Polar orbit	Orbit decayed after mascon perturbations; impact site estimated from last contact.
612	Periselene burn	620	1980	1980	4,426	Decayed	Instrument deck deployed; surface operations conducted through lunar day.
613	TOTAL	20,428
614 LUNAR RELAY AND COMMUNICATION
615 RETURN CAPSULE
616	Apoapsis raise	159	2011	2016	2,312	Decayed	Spacecraft separated after translunar injection; orbit determined from Doppler data.
617	Orbit insertion	387	1984	1988	2,979	Elliptical	Subsatellite released into lunar orbit; magnetometer data returned for several months.
618	Deorbit burn	804	1976	1978	2,296	Near-circular	Spacecraft separated after translunar injection; orbit determined from Doppler data.
619	Orbit insertion	707	2002	2006	250	Decayed	Periselene lowered for high-resolution imaging of candidate landing sites.
620	Mid-course corr.	960	2018	2023	1,980	Frozen orbit	Relay function for far-side operations; link maintained through halo orbit.
621	Mid-course corr.	593	1972	1977	4,449	Polar orbit	Spacecraft separated after translunar injection; orbit determined from Doppler data.
622	TOTAL	14,266
623 LANDER
624	Trajectory corr.	172	1972	1975	1,034	Elliptical	Spacecraft separated after translunar injection; orbit determined from Doppler data.
625	Data relay pass	967	1969	1970	3,484	Decayed	Deliberate impact at end of mission; ejecta plume observed by orbiting craft.
626	Mid-course corr.	930	1971	1973	199	Halo orbit	Orbit decayed after mascon perturbations; impact site estimated from last contact.
627	Apoapsis raise	490	1997	2001	409	Polar orbit	Instrument deck deployed; surface operations conducted through lunar day.
628	Orbit insertion	544	2012	2015	3,033	Orbit 100 km	Relay function for far-side operations; link maintained through halo orbit.
629	Orbit insertion	256	1998	2003	4,145	Frozen orbit	Instrument deck deployed; surface operations conducted through lunar day.
630	Mid-course corr.	856	2008	2009	2,840	Polar orbit	Spacecraft separated after translunar injection; orbit determined from Doppler data.
631	Orbit insertion	143	1960	1964	705	Near-circular	Orbit decayed after mascon perturbations; impact site estimated from last contact.
632	TOTAL	15,849
633 RETURN CAPSULE
634	Circularisation	775	1964	1967	2,112	Halo orbit	Deliberate impact at end of mission; ejecta plume observed by orbiting craft.
635	Apoapsis raise	447	1972	1976	4,342	Orbit 100 km	Subsatellite released into lunar orbit; magnetometer data returned for several months.
636	Circularisation	623	1991	1992	3,711	Orbit 100 km	Periselene lowered for high-resolution imaging of candidate landing sites.
637	Trajectory corr.	203	1994	1995	2,872	Orbit 100 km	Spacecraft separated after translunar injection; orbit determined from Doppler data.
638	Plane change	249	1987	1991	3,232	Halo orbit	Spacecraft separated after translunar injection; orbit determined from Doppler data.
639	Periselene burn	592	2012	2014	1,220	Polar orbit	Lunar orbit established; telemetry nominal; element tracked by ground stations.
640	Orbit insertion	629	1993	1998	2,155	Periapsis 14 km	Element entered selenocentric orbit; camera and gamma spectrometer activated.
641	TOTAL	19,644
642 RELAY SATELLITE
643	Lunar impact	555	2000	2000	3,395	Elliptical	Lunar orbit established; telemetry nominal; element tracked by ground stations.
644	Apoapsis raise	811	1992	1997	1,406	Impacted	Instrument deck deployed; surface operations conducted through lunar day.
645	Station keeping	380	1964	1967	3,002	Orbit 100 km	Orbit decayed after mascon perturbations; impact site estimated from last contact.
646	Periselene burn	660	2012	2012	166	Periapsis 14 km	Relay function for far-side operations; link maintained through halo orbit.
647	Periselene burn	116	1992	1992	4,441	Decayed	Deliberate impact at end of mission; ejecta plume observed by orbiting craft.
648	Deorbit burn	775	1990	1992	4,788	Halo orbit	Deliberate impact at end of mission; ejecta plume observed by orbiting craft.
649	TOTAL	17,198
650 JAPANESE LUNAR MISSIONS
651 UPPER STAGE
652	Plane change	356	2017	2022	4,496	Polar orbit	Periselene lowered for high-resolution imaging of candidate landing sites.
653	Station keeping	738	1994	1994	385	Decayed	Element entered selenocentric orbit; camera and gamma spectrometer activated.
654	Plane change	759	1992	1997	1,592	Impacted	Deliberate impact at end of mission; ejecta plume observed by orbiting craft.
655	Apoapsis raise	317	2009	2011	1,701	Orbit 100 km	Lunar orbit established; telemetry nominal; element tracked by ground stations.
656	Periselene burn	873	1979	1983	4,253	Impacted	Periselene lowered for high-resolution imaging of candidate landing sites.
657	TOTAL	12,427
658 RETURN CAPSULE
659	Station keeping	654	1969	1974	3,915	Near-circular	Stage passed the Moon into heliocentric orbit after gravity assist.
660	Data relay pass	552	1997	1998	2,596	Elliptical	Element entered selenocentric orbit; camera and gamma spectrometer activated.
661	Periselene burn	702	1964	1967	801	Frozen orbit	Element entered selenocentric orbit; camera and gamma spectrometer activated.
662	Station keeping	669	1959	1964	1,539	Orbit 100 km	Instrument deck deployed; surface operations conducted through lunar day.
663	Disposal burn	583	1982	1984	2,838	Polar orbit	Spacecraft separated after translunar injection; orbit determined from Doppler data.
664	Lunar impact	141	1978	1983	2,017	Periapsis 14 km	Periselene lowered for high-resolution imaging of candidate landing sites.
665	Circularisation	906	1967	1970	3,151	Polar orbit	Lunar orbit established; telemetry nominal; element tracked by ground stations.
666	Circularisation	212	1984	1984	3,735	Impacted	Lunar orbit established; telemetry nominal; element tracked by ground stations.
667	TOTAL	20,592
668 EUROPEAN LUNAR MISSIONS
669 SUBSATELLITE
670	Station keeping	103	1994	1998	4,569	Frozen orbit	Orbit decayed after mascon perturbations; impact site estimated from last contact.
671	Deorbit burn	796	2014	2014	1,584	Halo orbit	Subsatellite released into lunar orbit; magnetometer data returned for several months.
672	Lunar impact	862	1984	1984	894	Polar orbit	Subsatellite released into lunar orbit; magnetometer data returned for several months.
673	Trajectory corr.	297	1988	1990	1,418	Impacted	Orbit decayed after mascon perturbations; impact site estimated from last contact.
674	Periselene burn	965	2008	2009	4,030	Impacted	Element entered selenocentric orbit; camera and gamma spectrometer activated.
675	Plane change	497	1977	1979	3,025	Orbit 100 km	Lunar orbit established; telemetry nominal; element tracked by ground stations.
676	Data relay pass	290	1992	1996	4,790	Frozen orbit	Stage passed the Moon into heliocentric orbit after gravity assist.
677	Deorbit burn	607	1970	1971	1,664	Elliptical	Relay function for far-side operations; link maintained through halo orbit.
678	TOTAL	21,974
679 SERVICE MODULE
680	Apoapsis raise	594	2004	2009	3,627	Impacted	Deliberate impact at end of mission; ejecta plume observed by orbiting craft.
681	Circularisation	152	2012	2017	896	Near-circular	Instrument deck deployed; surface operations conducted through lunar day.
682	Plane change	688	1988	1989	1,557	Elliptical	Element entered selenocentric orbit; camera and gamma spectrometer activated.
683	Circularisation	565	2001	2005	2,217	Orbit 100 km	Relay function for far-side operations; link maintained through halo orbit.
684	Lunar impact	514	1970	1971	4,105	Periapsis 14 km	Instrument deck deployed; surface operations conducted through lunar day.
685	Lunar impact	832	1999	2000	2,940	Polar orbit	Element entered selenocentric orbit; camera and gamma spectrometer activated.
686	TOTAL	15,342
687 DESCENT STAGE
688	Mid-course corr.	477	2017	2022	1,480	Impacted	Lunar orbit established; telemetry nominal; element tracked by ground stations.
689	Deorbit burn	115	1998	1999	2,191	Inclination 90	Lunar orbit established; telemetry nominal; element tracked by ground stations.
690	Lunar impact	640	2004	2006	487	Periapsis 14 km	Spacecraft separated after translunar injection; orbit determined from Doppler data.
691	Station keeping	751	2010	2014	2,751	Inclination 90	Element entered selenocentric orbit; camera and gamma spectrometer activated.
692	TOTAL	6,909
693 ASCENT STAGE
694	Apoapsis raise	259	1999	2001	2,958	Impacted	Orbit decayed after mascon perturbations; impact site estimated from last contact.
695	Circularisation	755	2002	2005	4,788	Elliptical	Lunar orbit established; telemetry nominal; element tracked by ground stations.
696	Deorbit burn	857	2017	2022	3,758	Inclination 90	Spacecraft separated after translunar injection; orbit determined from Doppler data.
697	Periselene burn	362	2014	2019	2,519	Orbit 100 km	Periselene lowered for high-resolution imaging of candidate landing sites.
698	Lunar impact	333	2003	2004	2,478	Frozen orbit	Stage passed the Moon into heliocentric orbit after gravity assist.
699	Apoapsis raise	601	1963	1967	66	Elliptical	Element entered selenocentric orbit; camera and gamma spectrometer activated.
700	TOTAL	16,567
701 CHINESE LUNAR EXPLORATION
702 SPENT STAGE
703	Lunar impact	440	1971	1973	2,493	Frozen orbit	Spacecraft separated after translunar injection; orbit determined from Doppler data.
704	Plane change	239	1964	1969	2,600	Impacted	Periselene lowered for high-resolution imaging of candidate landing sites.
705	Trajectory corr.	868	2011	2012	1,581	Decayed	Relay function for far-side operations; link maintained through halo orbit.
706	Disposal burn	624	1981	1983	3,686	Periapsis 14 km	Element entered selenocentric orbit; camera and gamma spectrometer activated.
707	Orbit insertion	872	1965	1966	2,324	Frozen orbit	Lunar orbit established; telemetry nominal; element tracked by ground stations.
708	Trajectory corr.	842	1962	1962	323	Elliptical	Lunar orbit established; telemetry nominal; element tracked by ground stations.
709	TOTAL	13,007
710 RETURN CAPSULE
711	Apoapsis raise	340	1967	1967	74	Periapsis 14 km	Spacecraft separated after translunar injection; orbit determined from Doppler data.
712	Plane change	739	1992	1996	542	Halo orbit	Element entered selenocentric orbit; camera and gamma spectrometer activated.
713	Plane change	147	1965	1970	832	Periapsis 14 km	Relay function for far-side operations; link maintained through halo orbit.
714	Orbit insertion	993	2018	2021	1,638	Periapsis 14 km	Element entered selenocentric orbit; camera and gamma spectrometer activated.
715	TOTAL	3,086
716 INDIAN LUNAR MISSIONS
717 DESCENT STAGE
718	Periselene burn	501	2015	2019	2,027	Frozen orbit	Deliberate impact at end of mission; ejecta plume observed by orbiting craft.
719	Disposal burn	137	1978	1982	4,598	Periapsis 14 km	Subsatellite released into lunar orbit; magnetometer data returned for several months.
720	Deorbit burn	244	2004	2006	931	Halo orbit	Lunar orbit established; telemetry nominal; element tracked by ground stations.
721	Station keeping	521	1977	1982	2,743	Inclination 90	Stage passed the Moon into heliocentric orbit after gravity assist.
722	Trajectory corr.	730	1980	1980	4,510	Orbit 100 km	Periselene lowered for high-resolution imaging of candidate landing sites.
723	TOTAL	14,809
724 RELAY SATELLITE
725	Circularisation	836	2012	2017	1,106	Periapsis 14 km	Relay function for far-side operations; link maintained through halo orbit.
726	Apoapsis raise	919	1974	1977	246	Impacted	Relay function for far-side operations; link maintained through halo orbit.
727	Station keeping	390	2005	2009	2,288	Halo orbit	Stage passed the Moon into heliocentric orbit after gravity assist.
728	Circularisation	709	1979	1983	1,174	Decayed	Subsatellite released into lunar orbit; magnetometer data returned for several months.
729	Orbit insertion	609	2004	2008	1,866	Decayed	Deliberate impact at end of mission; ejecta plume observed by orbiting craft.
730	TOTAL	6,680
731 COMMERCIAL LANDER GROUPS
732 DESCENT STAGE
733	Disposal burn	135	1993	1995	2,085	Polar orbit	Orbit decayed after mascon perturbations; impact site estimated from last contact.
734	Lunar impact	182	2005	2006	585	Decayed	Deliberate impact at end of mission; ejecta plume observed by orbiting craft.
735	Mid-course corr.	942	2009	2010	536	Decayed	Lunar orbit established; telemetry nominal; element tracked by ground stations.
736	Orbit insertion	814	1963	1967	1,923	Periapsis 14 km	Relay function for far-side operations; link maintained through halo orbit.
737	Data relay pass	661	2003	2005	286	Polar orbit	Relay function for far-side operations; link maintained through halo orbit.
738	TOTAL	5,415
739 SUBSATELLITE
740	Apoapsis raise	685	1979	1981	48	Orbit 100 km	Spacecraft separated after translunar injection; orbit determined from Doppler data.
741	Data relay pass	273	2003	2008	1,474	Polar orbit	Stage passed the Moon into heliocentric orbit after gravity assist.
742	Lunar impact	588	2018	2018	157	Frozen orbit	Relay function for far-side operations; link maintained through halo orbit.
743	Trajectory corr.	594	2012	2014	705	Frozen orbit	Deliberate impact at end of mission; ejecta plume observed by orbiting craft.
744	Periselene burn	722	2006	2008	2,749	Periapsis 14 km	Element entered selenocentric orbit; camera and gamma spectrometer activated.
745	Circularisation	969	1964	1967	406	Inclination 90	Stage passed the Moon into heliocentric orbit after gravity assist.
746	Station keeping	500	1988	1993	4,151	Halo orbit	Deliberate impact at end of mission; ejecta plume observed by orbiting craft.
747	Periselene burn	545	2011	2014	3,480	Periapsis 14 km	Periselene lowered for high-resolution imaging of candidate landing sites.
748	TOTAL	13,170
749 SUBSATELLITES AND CUBESATS
750 ROVER
751	Deorbit burn	981	1964	1964	3,224	Periapsis 14 km	Orbit decayed after mascon perturbations; impact site estimated from last contact.
752	Plane change	140	1998	2002	1,251	Impacted	Relay function for far-side operations; link maintained through halo orbit.
753	Periselene burn	645	2014	2018	2,505	Inclination 90	Orbit decayed after mascon perturbations; impact site estimated from last contact.
754	Plane change	994	1996	2000	2,707	Frozen orbit	Subsatellite released into lunar orbit; magnetometer data returned for several months.
755	Plane change	653	2005	2007	4,330	Near-circular	Element entered selenocentric orbit; camera and gamma spectrometer activated.
756	TOTAL	14,017
757 SPENT STAGE
758	Orbit insertion	177	1969	1970	1,425	Frozen orbit	Lunar orbit established; telemetry nominal; element tracked by ground stations.
759	Apoapsis raise	808	1991	1993	1,487	Inclination 90	Spacecraft separated after translunar injection; orbit determined from Doppler data.
760	Circularisation	501	1979	1980	2,719	Decayed	Subsatellite released into lunar orbit; magnetometer data returned for several months.
761	Orbit insertion	419	1970	1970	2,260	Frozen orbit	Orbit decayed after mascon perturbations; impact site estimated from last contact.
762	Lunar impact	791	1990	1991	3,474	Elliptical	Stage passed the Moon into heliocentric orbit after gravity assist.
763	Mid-course corr.	817	1968	1972	1,012	Periapsis 14 km	Subsatellite released into lunar orbit; magnetometer data returned for several months.
764	TOTAL	12,377
765 IMPACT PROBE
766	Mid-course corr.	599	2016	2018	2,686	Elliptical	Relay function for far-side operations; link maintained through halo orbit.
767	Lunar impact	976	1982	1982	1,212	Periapsis 14 km	Instrument deck deployed; surface operations conducted through lunar day.
768	Apoapsis raise	226	2004	2006	4,167	Polar orbit	Orbit decayed after mascon perturbations; impact site estimated from last contact.
769	Lunar impact	444	2007	2007	2,469	Orbit 100 km	Subsatellite released into lunar orbit; magnetometer data returned for several months.
770	Plane change	196	1992	1995	3,391	Impacted	Deliberate impact at end of mission; ejecta plume observed by orbiting craft.
771	Lunar impact	111	1973	1975	2,831	Orbit 100 km	Element entered selenocentric orbit; camera and gamma spectrometer activated.
772	TOTAL	16,756
773 RELAY SATELLITE
774	Trajectory corr.	951	2018	2019	3,749	Orbit 100 km	Spacecraft separated after translunar injection; orbit determined from Doppler data.
775	Data relay pass	962	1998	1999	680	Halo orbit	Spacecraft separated after translunar injection; orbit determined from Doppler data.
776	Plane change	524	1995	1997	1,921	Polar orbit	Instrument deck deployed; surface operations conducted through lunar day.
777	Periselene burn	765	1975	1976	1,235	Frozen orbit	Element entered selenocentric orbit; camera and gamma spectrometer activated.
778	Periselene burn	884	1990	1993	2,874	Decayed	Subsatellite released into lunar orbit; magnetometer data returned for several months.
779	Disposal burn	445	2009	2011	245	Orbit 100 km	Instrument deck deployed; surface operations conducted through lunar day.
780	Station keeping	478	1970	1970	977	Near-circular	Stage passed the Moon into heliocentric orbit after gravity assist.
781	TOTAL	11,681
782 IMPACTORS AND DEBRIS
783 UPPER STAGE
784	Plane change	114	1991	1995	3,115	Halo orbit	Lunar orbit established; telemetry nominal; element tracked by ground stations.
785	Periselene burn	102	1993	1996	3,833	Halo orbit	Relay function for far-side operations; link maintained through halo orbit.
786	Circularisation	195	1960	1964	4,359	Impacted	Stage passed the Moon into heliocentric orbit after gravity assist.
787	TOTAL	11,307
788 DESCENT STAGE
789	Mid-course corr.	879	2005	2010	3,243	Halo orbit	Stage passed the Moon into heliocentric orbit after gravity assist.
790	Plane change	536	2009	2012	4,815	Orbit 100 km	Deliberate impact at end of mission; ejecta plume observed by orbiting craft.
791	Station keeping	384	2006	2009	1,319	Polar orbit	Spacecraft separated after translunar injection; orbit determined from Doppler data.
792	TOTAL	9,377
793 ORBITER
794	Station keeping	796	1989	1991	748	Decayed	Subsatellite released into lunar orbit; magnetometer data returned for several months.
795	Mid-course corr.	951	2001	2002	136	Polar orbit	Stage passed the Moon into heliocentric orbit after gravity assist.
796	Plane change	351	2000	2003	71	Elliptical	Stage passed the Moon into heliocentric orbit after gravity assist.
797	Periselene burn	259	1985	1990	3,027	Frozen orbit	Periselene lowered for high-resolution imaging of candidate landing sites.
798	Mid-course corr.	405	1972	1975	101	Orbit 100 km	Element entered selenocentric orbit; camera and gamma spectrometer activated.
799	Periselene burn	687	2017	2019	4,076	Polar orbit	Orbit decayed after mascon perturbations; impact site estimated from last contact.
800	TOTAL	8,159
801 SOVIET LUNAR PROGRAMME
802 UPPER STAGE
803	Orbit insertion	548	1959	1959	3,594	Impacted	Stage passed the Moon into heliocentric orbit after gravity assist.
804	Station keeping	855	1978	1982	993	Periapsis 14 km	Orbit decayed after mascon perturbations; impact site estimated from last contact.
805	Station keeping	133	1985	1989	2,272	Impacted	Relay function for far-side operations; link maintained through halo orbit.
806	Plane change	842	2001	2001	1,906	Near-circular	Subsatellite released into lunar orbit; magnetometer data returned for several months.
807	Apoapsis raise	316	1999	2002	2,190	Impacted	Relay function for far-side operations; link maintained through halo orbit.
808	TOTAL	10,955
809 UPPER STAGE
810	Plane change	332	1989	1991	3,508	Periapsis 14 km	Relay function for far-side operations; link maintained through halo orbit.
811	Data relay pass	601	1992	1993	217	Periapsis 14 km	Subsatellite released into lunar orbit; magnetometer data returned for several months.
812	Plane change	521	1980	1982	1,770	Periapsis 14 km	Instrument deck deployed; surface operations conducted through lunar day.
813	Plane change	620	1998	1999	3,528	Frozen orbit	Subsatellite released into lunar orbit; magnetometer data returned for several months.
814	Apoapsis raise	398	1997	2001	1,744	Near-circular	Periselene lowered for high-resolution imaging of candidate landing sites.
815	Circularisation	617	1966	1966	1,026	Near-circular	Element entered selenocentric orbit; camera and gamma spectrometer activated.
816	TOTAL	11,793
817 DESCENT STAGE
818	Orbit insertion	990	2006	2007	2,655	Orbit 100 km	Instrument deck deployed; surface operations conducted through lunar day.
819	Lunar impact	717	2016	2016	555	Orbit 100 km	Subsatellite released into lunar orbit; magnetometer data returned for several months.
820	Apoapsis raise	538	1969	1971	3,534	Periapsis 14 km	Deliberate impact at end of mission; ejecta plume observed by orbiting craft.
821	Disposal burn	216	2006	2008	1,268	Inclination 90	Subsatellite released into lunar orbit; magnetometer data returned for several months.
822	Circularisation	683	1981	1984	852	Periapsis 14 km	Element entered selenocentric orbit; camera and gamma spectrometer activated.
823	TOTAL	8,864
824 SUBSATELLITE
